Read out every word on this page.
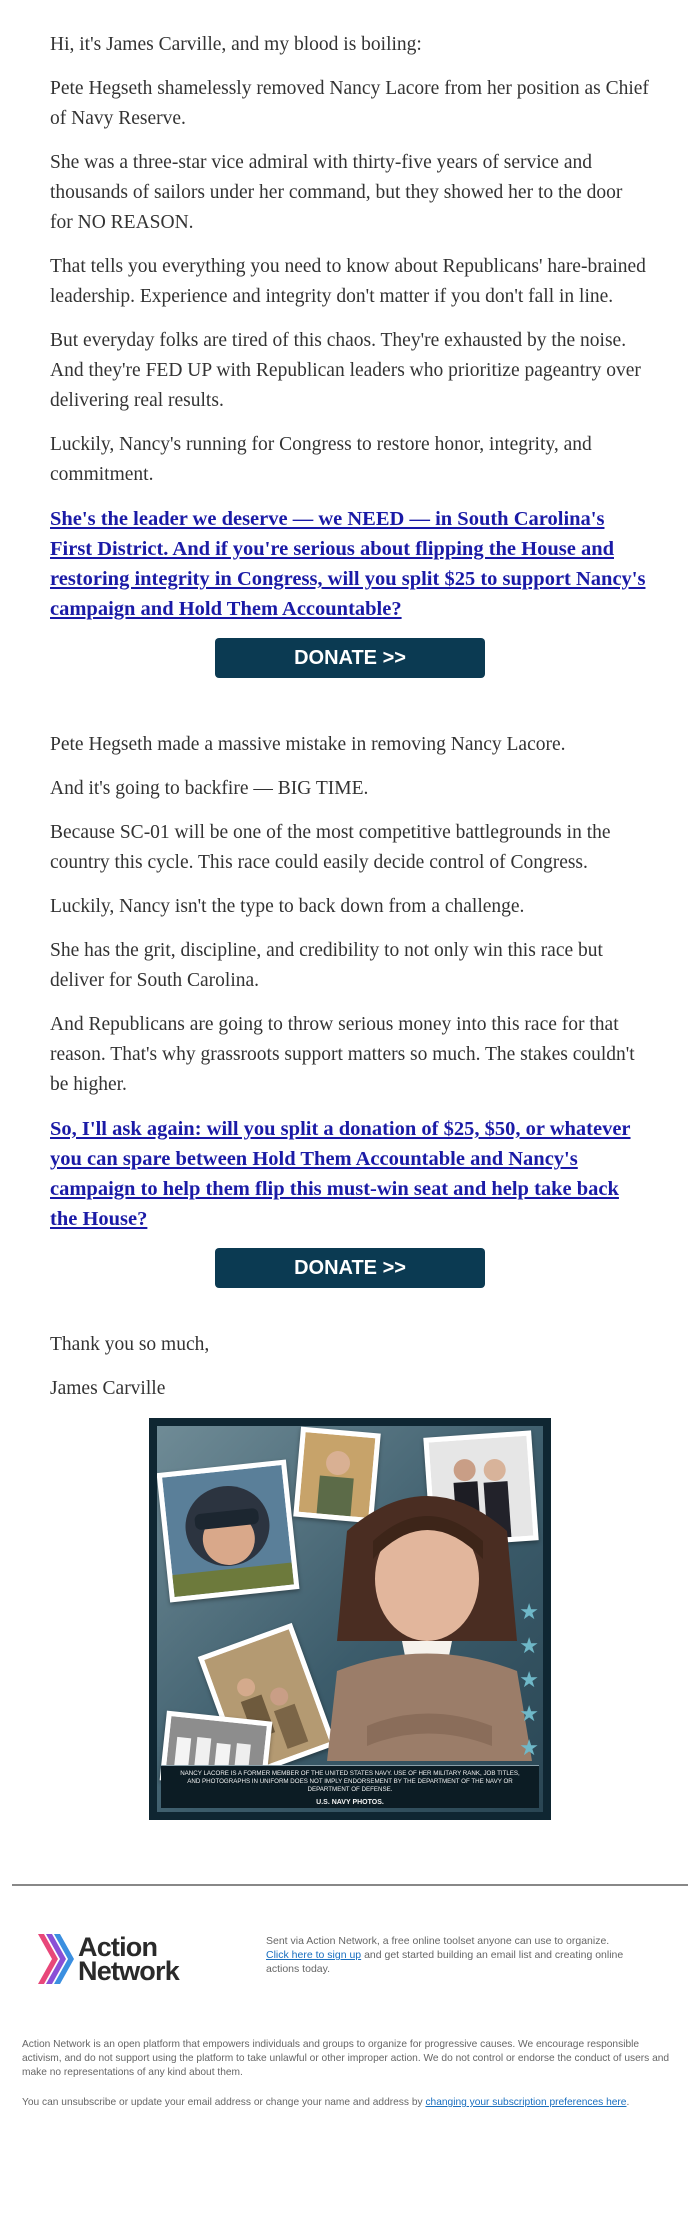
Hi, it's James Carville, and my blood is boiling:

Pete Hegseth shamelessly removed Nancy Lacore from her position as Chief of Navy Reserve.

She was a three-star vice admiral with thirty-five years of service and thousands of sailors under her command, but they showed her to the door for NO REASON.

That tells you everything you need to know about Republicans' hare-brained leadership. Experience and integrity don't matter if you don't fall in line.

But everyday folks are tired of this chaos. They're exhausted by the noise. And they're FED UP with Republican leaders who prioritize pageantry over delivering real results.

Luckily, Nancy's running for Congress to restore honor, integrity, and commitment.

She's the leader we deserve — we NEED — in South Carolina's First District. And if you're serious about flipping the House and restoring integrity in Congress, will you split $25 to support Nancy's campaign and Hold Them Accountable?
DONATE >>

Pete Hegseth made a massive mistake in removing Nancy Lacore.

And it's going to backfire — BIG TIME.

Because SC-01 will be one of the most competitive battlegrounds in the country this cycle. This race could easily decide control of Congress.

Luckily, Nancy isn't the type to back down from a challenge.

She has the grit, discipline, and credibility to not only win this race but deliver for South Carolina.

And Republicans are going to throw serious money into this race for that reason. That's why grassroots support matters so much. The stakes couldn't be higher.

So, I'll ask again: will you split a donation of $25, $50, or whatever you can spare between Hold Them Accountable and Nancy's campaign to help them flip this must-win seat and help take back the House?
DONATE >>

Thank you so much,

James Carville

★
★
★
★
★
NANCY LACORE IS A FORMER MEMBER OF THE UNITED STATES NAVY. USE OF HER MILITARY RANK, JOB TITLES, AND PHOTOGRAPHS IN UNIFORM DOES NOT IMPLY ENDORSEMENT BY THE DEPARTMENT OF THE NAVY OR DEPARTMENT OF DEFENSE.
U.S. NAVY PHOTOS.
Action
Network
Sent via Action Network, a free online toolset anyone can use to organize.
Click here to sign up and get started building an email list and creating online actions today.

Action Network is an open platform that empowers individuals and groups to organize for progressive causes. We encourage responsible activism, and do not support using the platform to take unlawful or other improper action. We do not control or endorse the conduct of users and make no representations of any kind about them.

You can unsubscribe or update your email address or change your name and address by changing your subscription preferences here.
